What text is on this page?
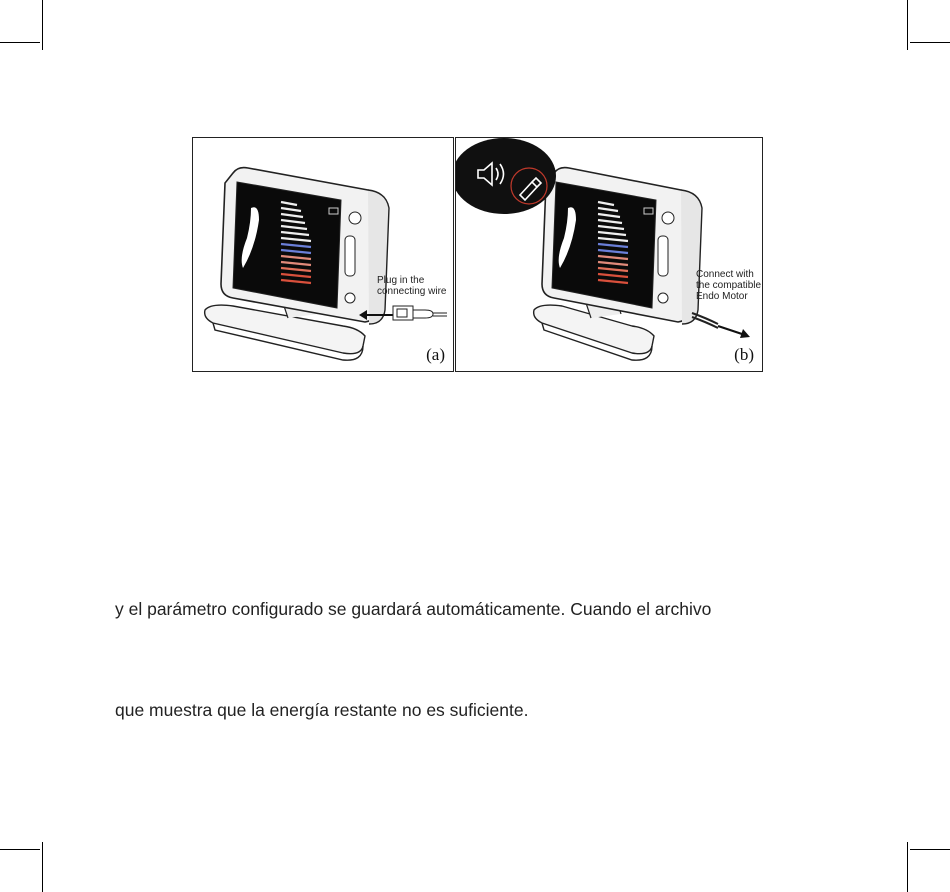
Plug in the
connecting wire
(a)
Connect with
the compatible
Endo Motor
(b)
y el parámetro configurado se guardará automáticamente. Cuando el archivo
que muestra que la energía restante no es suficiente.
